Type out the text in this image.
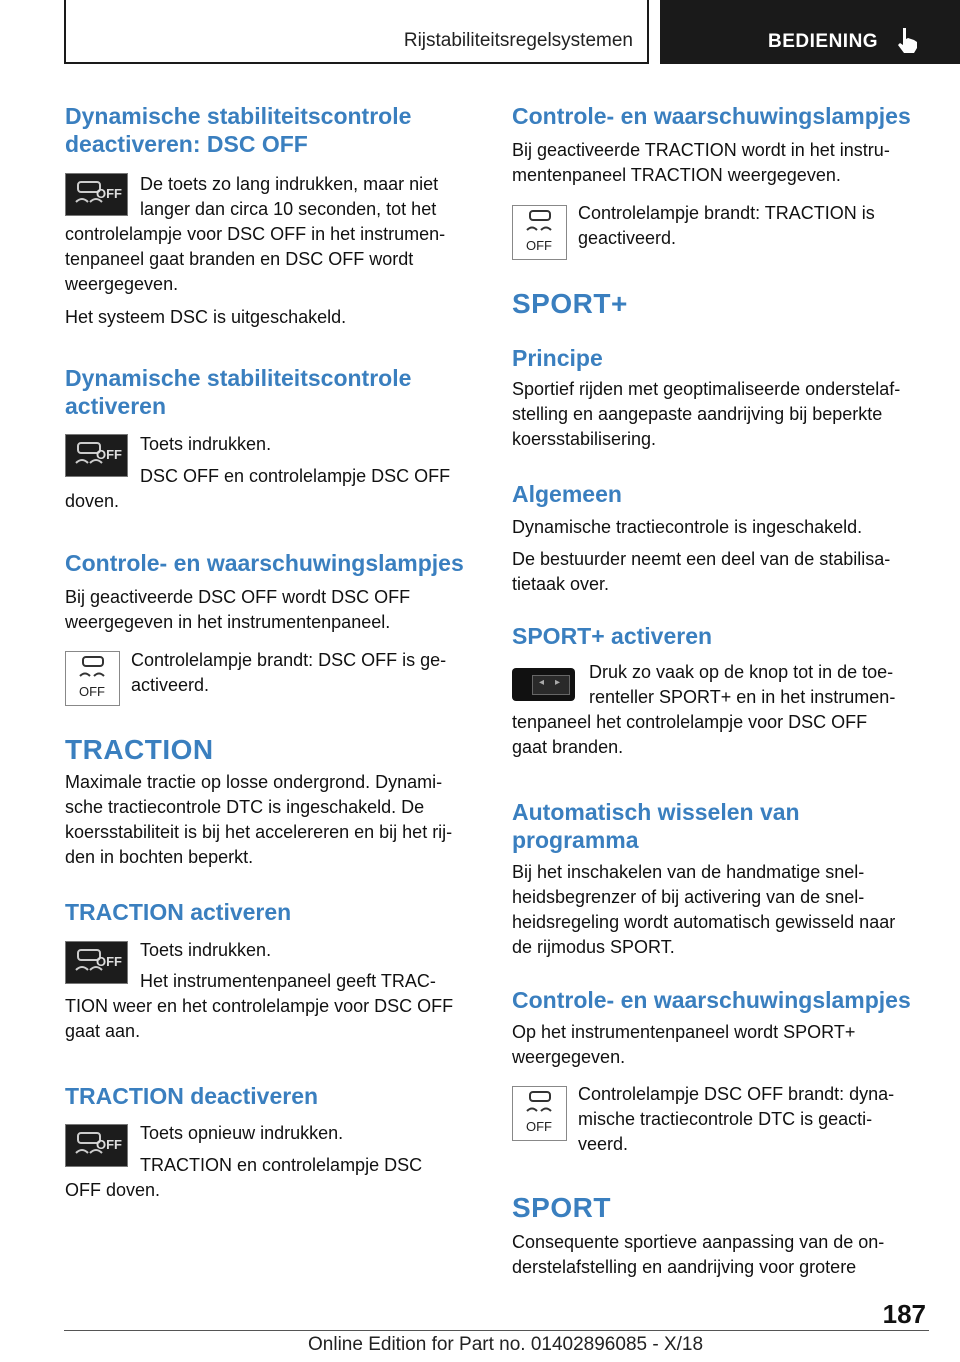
Rijstabiliteitsregelsystemen	BEDIENING
Dynamische stabiliteitscontrole
deactiveren: DSC OFF
OFF De toets zo lang indrukken, maar niet

langer dan circa 10 seconden, tot het

controlelampje voor DSC OFF in het instrumen-

tenpaneel gaat branden en DSC OFF wordt

weergegeven.

Het systeem DSC is uitgeschakeld.

Dynamische stabiliteitscontrole
activeren
OFF

Toets indrukken.

DSC OFF en controlelampje DSC OFF

doven.

Controle- en waarschuwingslampjes

Bij geactiveerde DSC OFF wordt DSC OFF

weergegeven in het instrumentenpaneel.

OFF

Controlelampje brandt: DSC OFF is ge-

activeerd.

TRACTION

Maximale tractie op losse ondergrond. Dynami-

sche tractiecontrole DTC is ingeschakeld. De

koersstabiliteit is bij het accelereren en bij het rij-

den in bochten beperkt.

TRACTION activeren
OFF

Toets indrukken.

Het instrumentenpaneel geeft TRAC-

TION weer en het controlelampje voor DSC OFF

gaat aan.

TRACTION deactiveren
OFF

Toets opnieuw indrukken.

TRACTION en controlelampje DSC

OFF doven.

Controle- en waarschuwingslampjes

Bij geactiveerde TRACTION wordt in het instru-

mentenpaneel TRACTION weergegeven.

OFF

Controlelampje brandt: TRACTION is

geactiveerd.

SPORT+
Principe

Sportief rijden met geoptimaliseerde onderstelaf-

stelling en aangepaste aandrijving bij beperkte

koersstabilisering.

Algemeen

Dynamische tractiecontrole is ingeschakeld.

De bestuurder neemt een deel van de stabilisa-

tietaak over.

SPORT+ activeren
◂ ▸

Druk zo vaak op de knop tot in de toe-

renteller SPORT+ en in het instrumen-

tenpaneel het controlelampje voor DSC OFF

gaat branden.

Automatisch wisselen van
programma

Bij het inschakelen van de handmatige snel-

heidsbegrenzer of bij activering van de snel-

heidsregeling wordt automatisch gewisseld naar

de rijmodus SPORT.

Controle- en waarschuwingslampjes

Op het instrumentenpaneel wordt SPORT+

weergegeven.

OFF

Controlelampje DSC OFF brandt: dyna-

mische tractiecontrole DTC is geacti-

veerd.

SPORT

Consequente sportieve aanpassing van de on-

derstelafstelling en aandrijving voor grotere

187
Online Edition for Part no. 01402896085 - X/18
